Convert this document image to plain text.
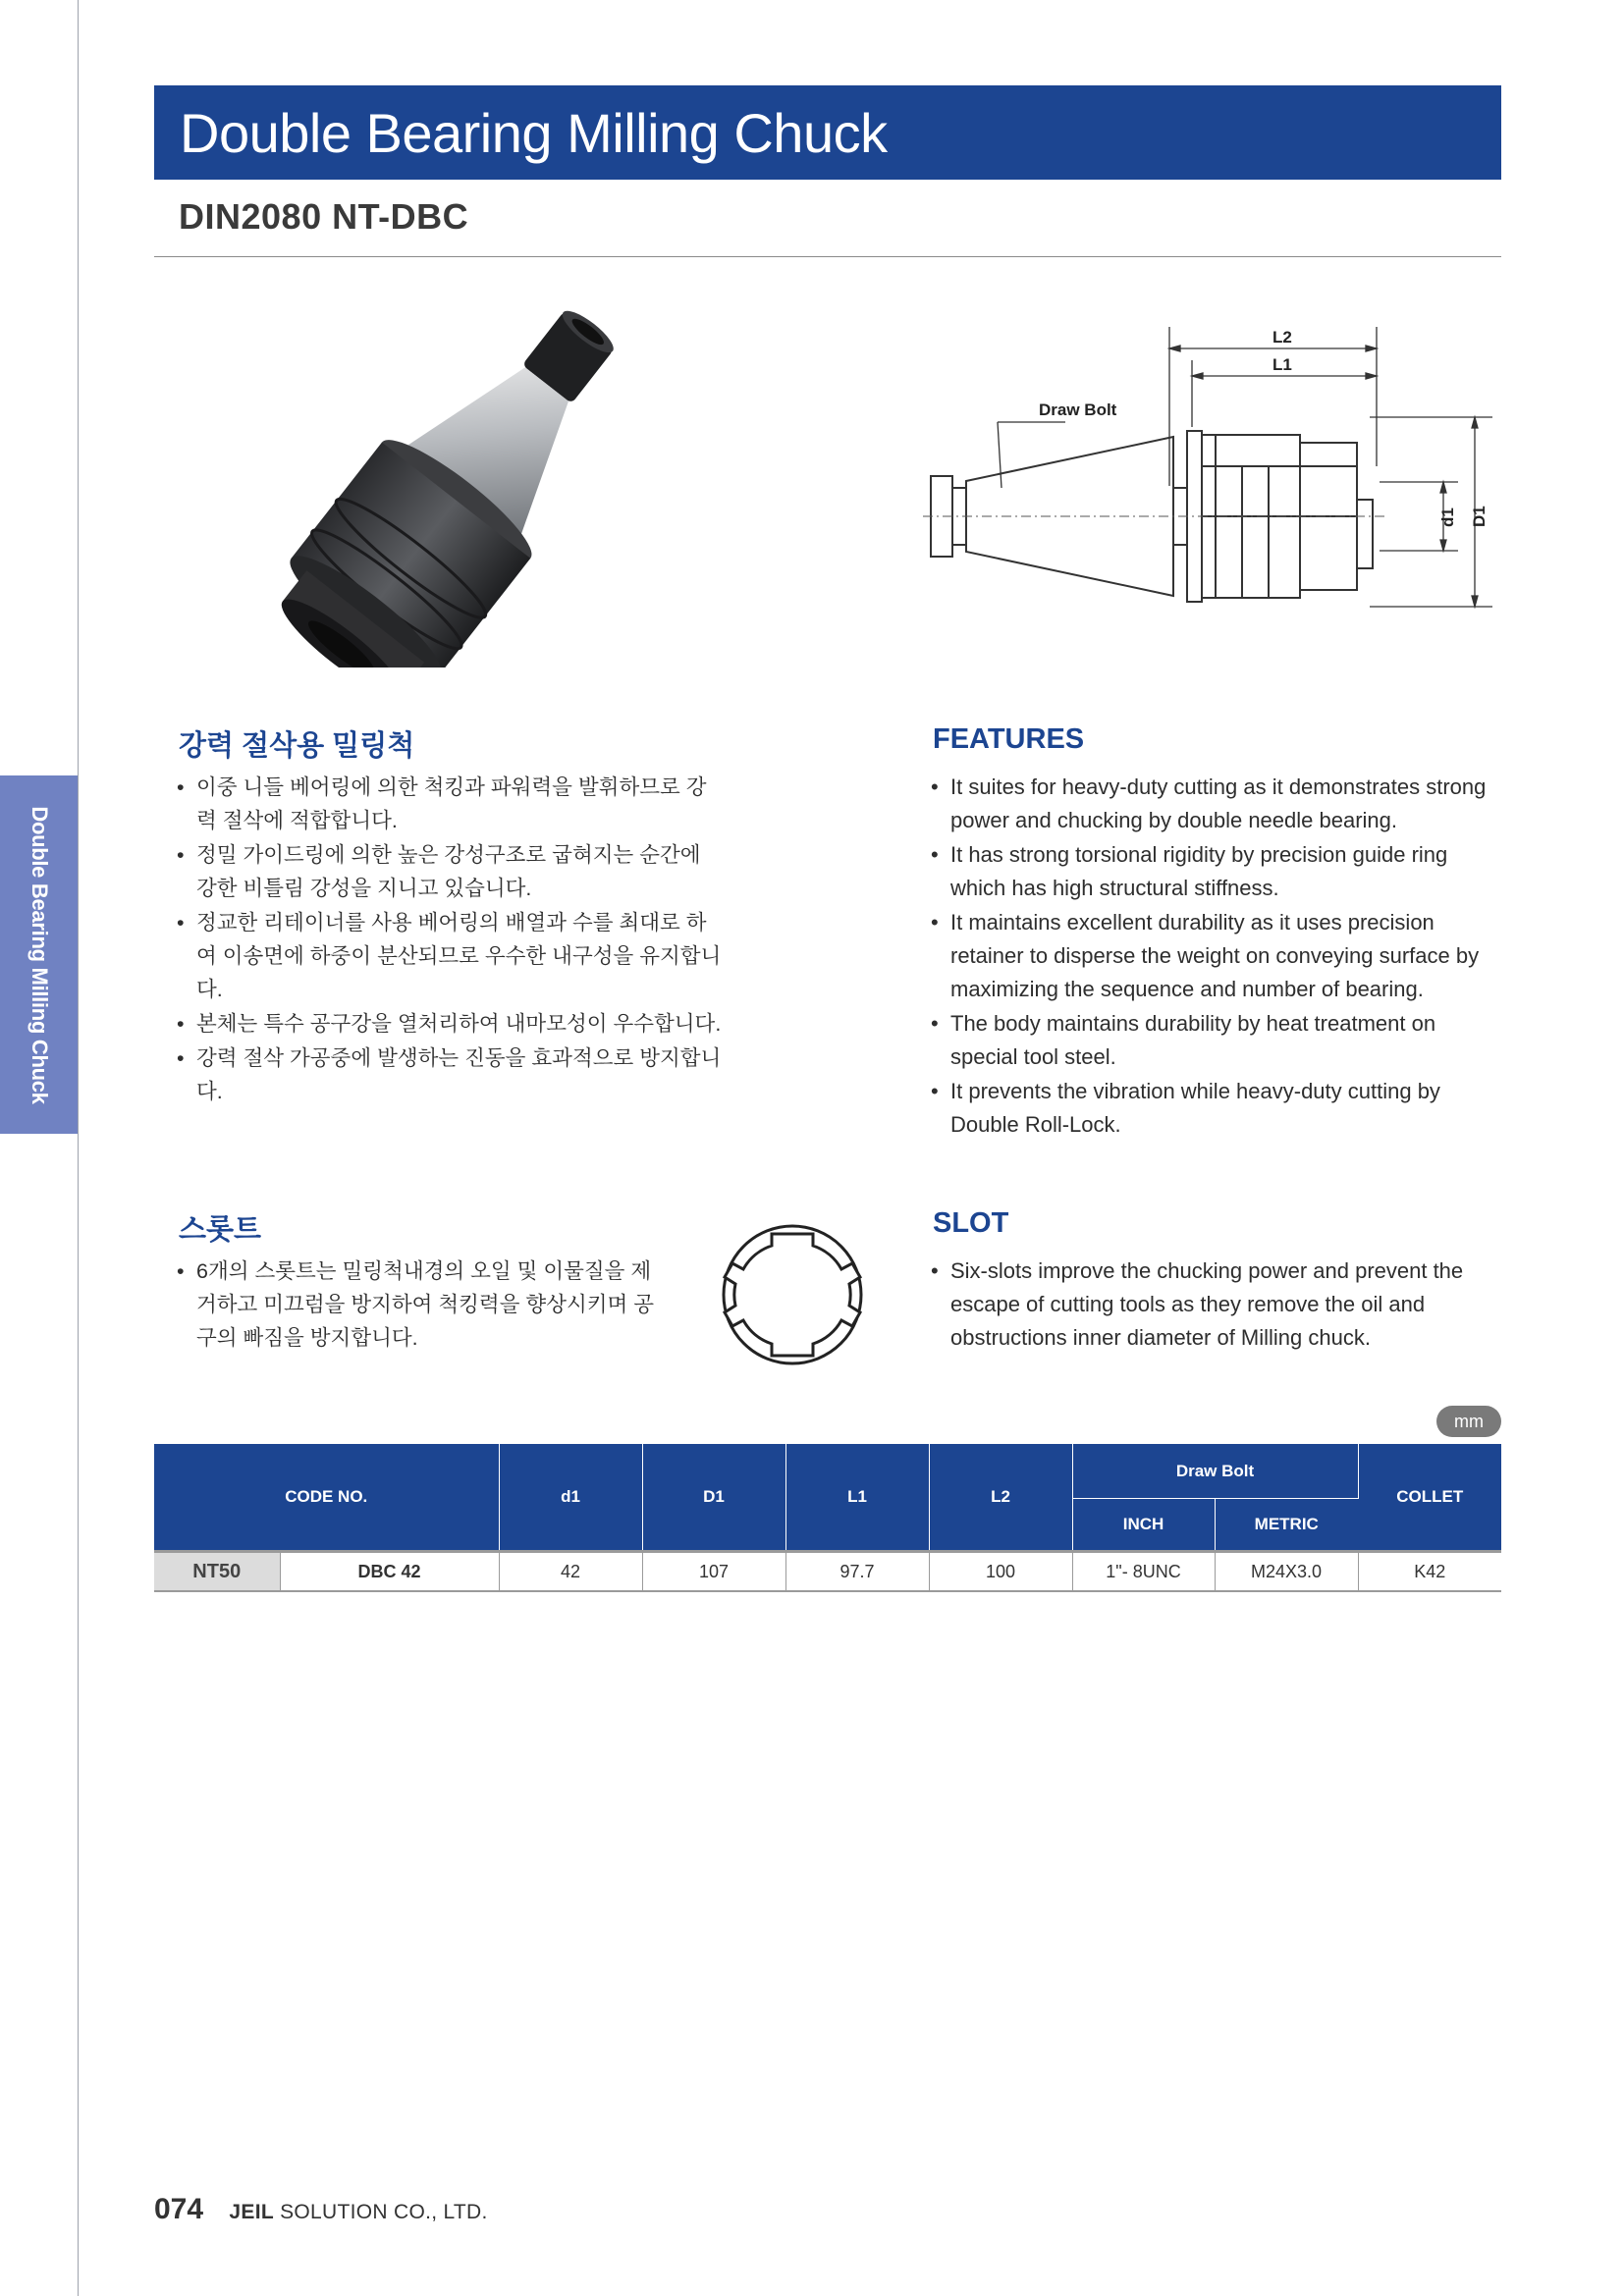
Double Bearing Milling Chuck
Double Bearing Milling Chuck
DIN2080 NT-DBC
L2
L1
Draw Bolt
d1 D1
강력 절삭용 밀링척
• 이중 니들 베어링에 의한 척킹과 파워력을 발휘하므로 강력 절삭에 적합합니다.
• 정밀 가이드링에 의한 높은 강성구조로 굽혀지는 순간에 강한 비틀림 강성을 지니고 있습니다.
• 정교한 리테이너를 사용 베어링의 배열과 수를 최대로 하여 이송면에 하중이 분산되므로 우수한 내구성을 유지합니다.
• 본체는 특수 공구강을 열처리하여 내마모성이 우수합니다.
• 강력 절삭 가공중에 발생하는 진동을 효과적으로 방지합니다.
FEATURES
• It suites for heavy-duty cutting as it demonstrates strong power and chucking by double needle bearing.
• It has strong torsional rigidity by precision guide ring which has high structural stiffness.
• It maintains excellent durability as it uses precision retainer to disperse the weight on conveying surface by maximizing the sequence and number of bearing.
• The body maintains durability by heat treatment on special tool steel.
• It prevents the vibration while heavy-duty cutting by Double Roll-Lock.
스롯트
• 6개의 스롯트는 밀링척내경의 오일 및 이물질을 제거하고 미끄럼을 방지하여 척킹력을 향상시키며 공구의 빠짐을 방지합니다.
SLOT
• Six-slots improve the chucking power and prevent the escape of cutting tools as they remove the oil and obstructions inner diameter of Milling chuck.
mm
CODE NO.		d1	D1	L1	L2	Draw Bolt		COLLET
						INCH	METRIC	
NT50	DBC 42	42	107	97.7	100	1"- 8UNC	M24X3.0	K42
074 JEIL SOLUTION CO., LTD.
